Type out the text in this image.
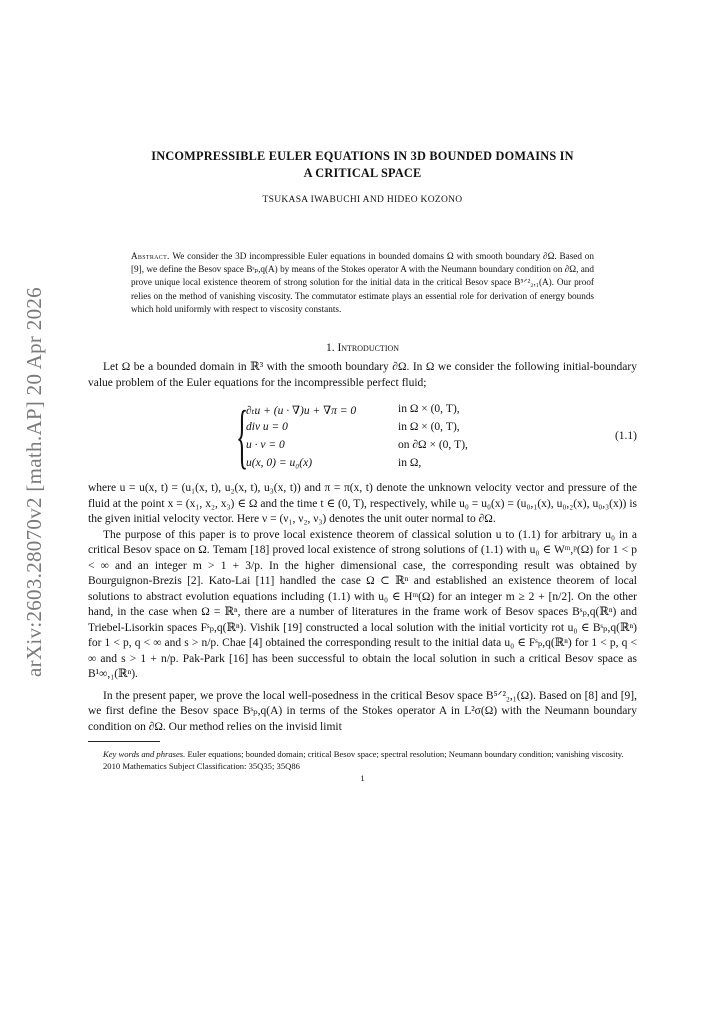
arXiv:2603.28070v2 [math.AP] 20 Apr 2026
INCOMPRESSIBLE EULER EQUATIONS IN 3D BOUNDED DOMAINS IN
A CRITICAL SPACE
TSUKASA IWABUCHI AND HIDEO KOZONO
Abstract. We consider the 3D incompressible Euler equations in bounded domains Ω with smooth boundary ∂Ω. Based on [9], we define the Besov space Bˢₚ,q(A) by means of the Stokes operator A with the Neumann boundary condition on ∂Ω, and prove unique local existence theorem of strong solution for the initial data in the critical Besov space B⁵ᐟ²₂,₁(A). Our proof relies on the method of vanishing viscosity. The commutator estimate plays an essential role for derivation of energy bounds which hold uniformly with respect to viscosity constants.
1. Introduction

Let Ω be a bounded domain in ℝ³ with the smooth boundary ∂Ω. In Ω we consider the following initial-boundary value problem of the Euler equations for the incompressible perfect fluid;

{
∂ₜu + (u · ∇)u + ∇π = 0	in Ω × (0, T),
div u = 0	in Ω × (0, T),
u · ν = 0	on ∂Ω × (0, T),
u(x, 0) = u₀(x)	in Ω,
(1.1)

where u = u(x, t) = (u₁(x, t), u₂(x, t), u₃(x, t)) and π = π(x, t) denote the unknown velocity vector and pressure of the fluid at the point x = (x₁, x₂, x₃) ∈ Ω and the time t ∈ (0, T), respectively, while u₀ = u₀(x) = (u₀,₁(x), u₀,₂(x), u₀,₃(x)) is the given initial velocity vector. Here ν = (ν₁, ν₂, ν₃) denotes the unit outer normal to ∂Ω.

The purpose of this paper is to prove local existence theorem of classical solution u to (1.1) for arbitrary u₀ in a critical Besov space on Ω. Temam [18] proved local existence of strong solutions of (1.1) with u₀ ∈ Wᵐ,ᵖ(Ω) for 1 < p < ∞ and an integer m > 1 + 3/p. In the higher dimensional case, the corresponding result was obtained by Bourguignon-Brezis [2]. Kato-Lai [11] handled the case Ω ⊂ ℝⁿ and established an existence theorem of local solutions to abstract evolution equations including (1.1) with u₀ ∈ Hᵐ(Ω) for an integer m ≥ 2 + [n/2]. On the other hand, in the case when Ω = ℝⁿ, there are a number of literatures in the frame work of Besov spaces Bˢₚ,q(ℝⁿ) and Triebel-Lisorkin spaces Fˢₚ,q(ℝⁿ). Vishik [19] constructed a local solution with the initial vorticity rot u₀ ∈ Bˢₚ,q(ℝⁿ) for 1 < p, q < ∞ and s > n/p. Chae [4] obtained the corresponding result to the initial data u₀ ∈ Fˢₚ,q(ℝⁿ) for 1 < p, q < ∞ and s > 1 + n/p. Pak-Park [16] has been successful to obtain the local solution in such a critical Besov space as B¹∞,₁(ℝⁿ).

In the present paper, we prove the local well-posedness in the critical Besov space B⁵ᐟ²₂,₁(Ω). Based on [8] and [9], we first define the Besov space Bˢₚ,q(A) in terms of the Stokes operator A in L²σ(Ω) with the Neumann boundary condition on ∂Ω. Our method relies on the invisid limit

Key words and phrases. Euler equations; bounded domain; critical Besov space; spectral resolution; Neumann boundary condition; vanishing viscosity.
2010 Mathematics Subject Classification: 35Q35; 35Q86
1
